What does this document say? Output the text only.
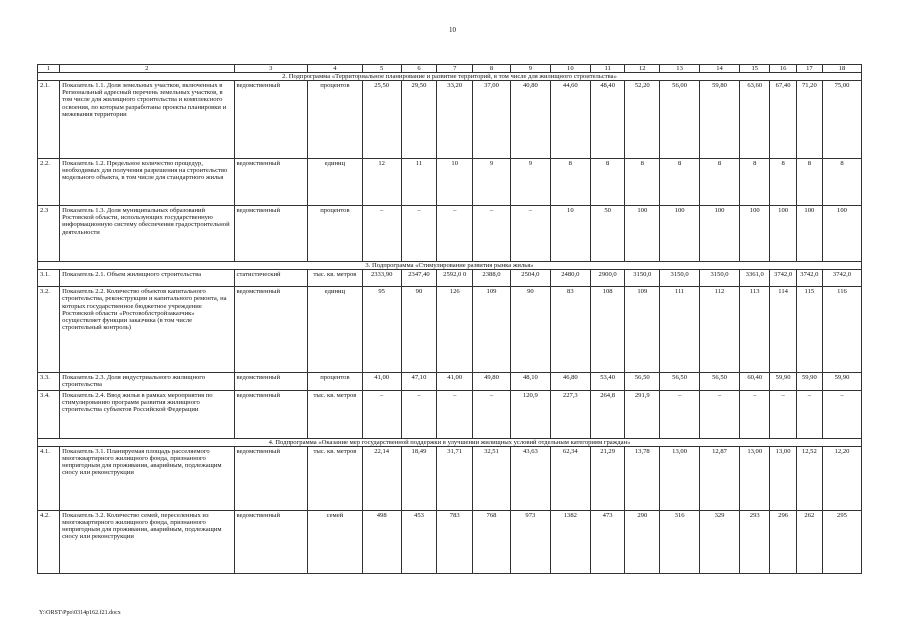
10
1	2	3	4	5	6	7	8	9	10	11	12	13	14	15	16	17	18
2. Подпрограмма «Территориальное планирование и развитие территорий, в том числе для жилищного строительства»																	
2.1.	Показатель 1.1. Доля земельных участков, включенных в Региональный адресный перечень земельных участков, в том числе для жилищного строительства и комплексного освоения, по которым разработаны проекты планировки и межевания территории	ведомственный	процентов	25,50	29,50	33,20	37,00	40,80	44,60	48,40	52,20	56,00	59,80	63,60	67,40	71,20	75,00
2.2.	Показатель 1.2. Предельное количество процедур, необходимых для получения разрешения на строительство модельного объекта, в том числе для стандартного жилья	ведомственный	единиц	12	11	10	9	9	8	8	8	8	8	8	8	8	8
2.3	Показатель 1.3. Доля муниципальных образований Ростовской области, использующих государственную информационную систему обеспечения градостроительной деятельности	ведомственный	процентов	–	–	–	–	–	10	50	100	100	100	100	100	100	100
3. Подпрограмма «Стимулирование развития рынка жилья»																	
3.1.	Показатель 2.1. Объем жилищного строительства	статистический	тыс. кв. метров	2333,90	2347,40	2592,0 0	2388,0	2504,0	2480,0	2900,0	3150,0	3150,0	3150,0	3361,0	3742,0	3742,0	3742,0
3.2.	Показатель 2.2. Количество объектов капитального строительства, реконструкции и капитального ремонта, на которых государственное бюджетное учреждение Ростовской области «Ростовоблстройзаказчик» осуществляет функции заказчика (в том числе строительный контроль)	ведомственный	единиц	95	90	126	109	90	83	108	109	111	112	113	114	115	116
3.3.	Показатель 2.3. Доля индустриального жилищного строительства	ведомственный	процентов	41,00	47,10	41,00	49,80	48,10	46,80	53,40	56,50	56,50	56,50	60,40	59,90	59,90	59,90
3.4.	Показатель 2.4. Ввод жилья в рамках мероприятия по стимулированию программ развития жилищного строительства субъектов Российской Федерации	ведомственный	тыс. кв. метров	–	–	–	–	120,9	227,3	264,8	291,9	–	–	–	–	–	–
4. Подпрограмма «Оказание мер государственной поддержки в улучшении жилищных условий отдельным категориям граждан»																	
4.1.	Показатель 3.1. Планируемая площадь расселяемого многоквартирного жилищного фонда, признанного непригодным для проживания, аварийным, подлежащим сносу или реконструкции	ведомственный	тыс. кв. метров	22,14	18,49	31,71	32,51	43,63	62,34	21,29	13,78	13,00	12,87	13,00	13,00	12,52	12,20
4.2.	Показатель 3.2. Количество семей, переселенных из многоквартирного жилищного фонда, признанного непригодным для проживания, аварийным, подлежащим сносу или реконструкции	ведомственный	семей	498	453	783	768	973	1382	473	290	316	329	293	296	262	295
Y:\ORST\Ppo\0314p162.f21.docx
